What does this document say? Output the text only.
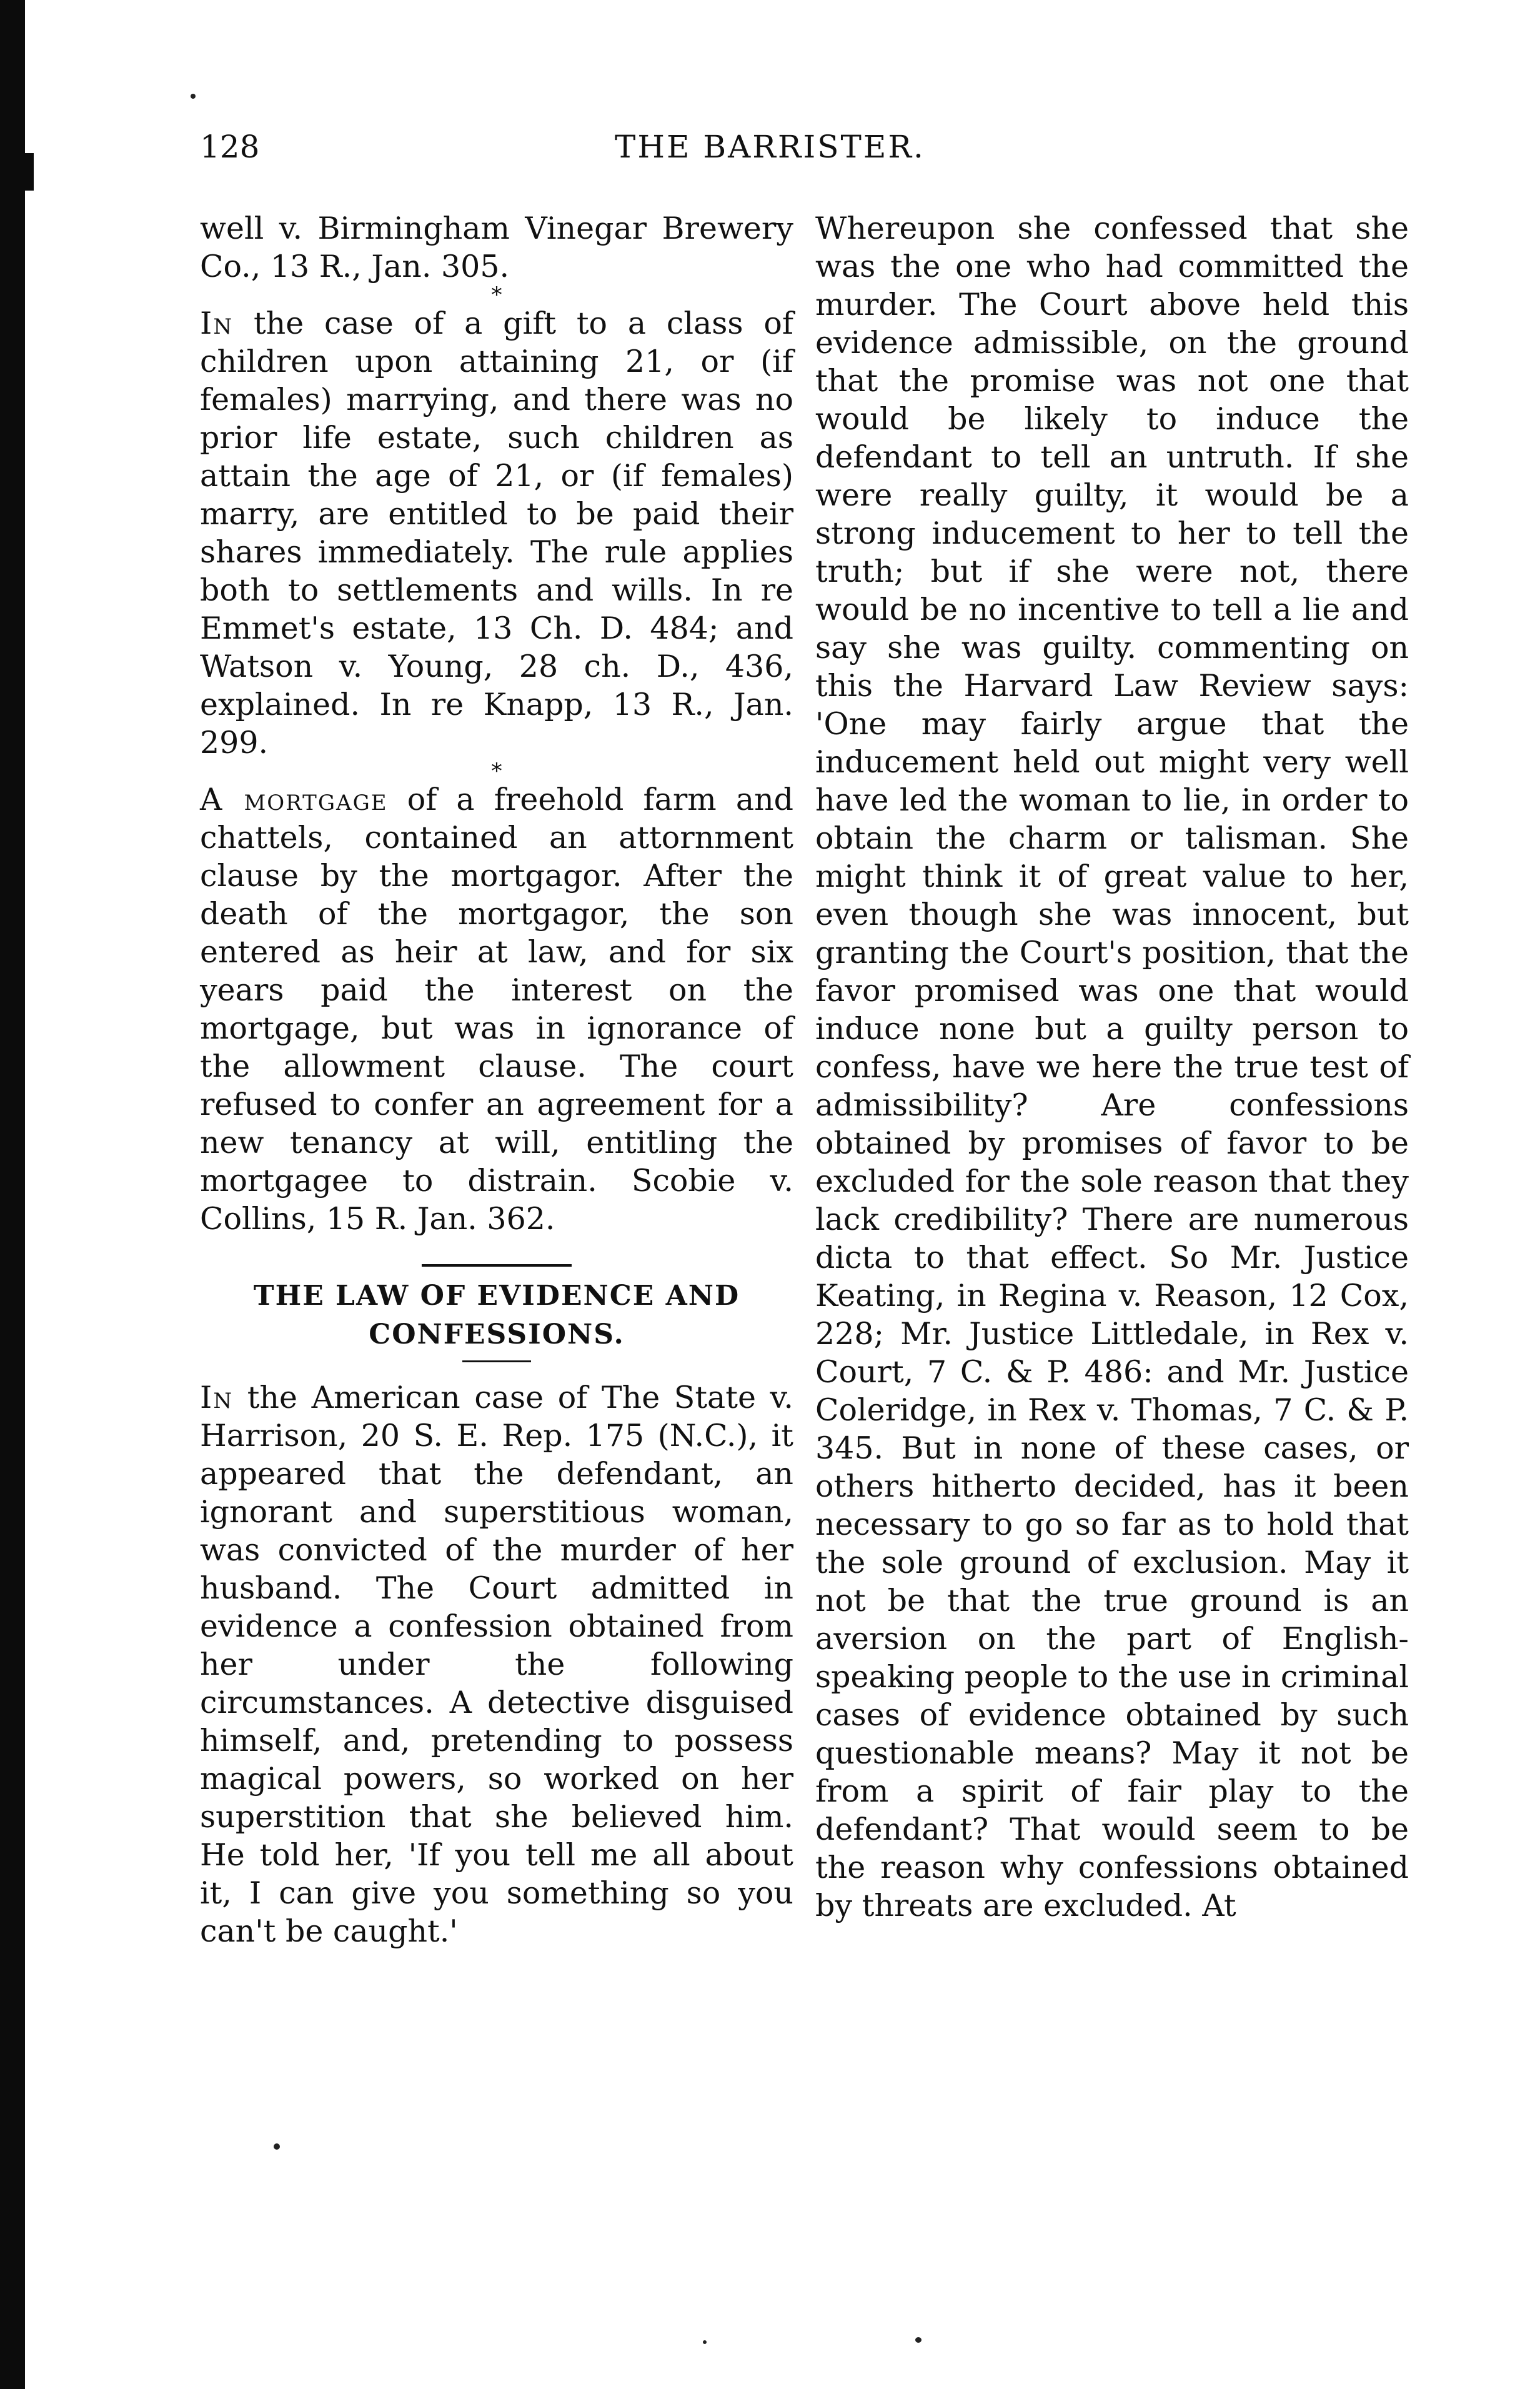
128	THE BARRISTER.

well v. Birmingham Vinegar Brewery Co., 13 R., Jan. 305.

*

In the case of a gift to a class of children upon attaining 21, or (if females) marrying, and there was no prior life estate, such children as attain the age of 21, or (if females) marry, are entitled to be paid their shares immediately. The rule applies both to settlements and wills. In re Emmet's estate, 13 Ch. D. 484; and Watson v. Young, 28 ch. D., 436, explained. In re Knapp, 13 R., Jan. 299.

*

A mortgage of a freehold farm and chattels, contained an attornment clause by the mortgagor. After the death of the mortgagor, the son entered as heir at law, and for six years paid the interest on the mortgage, but was in ignorance of the allowment clause. The court refused to confer an agreement for a new tenancy at will, entitling the mortgagee to distrain. Scobie v. Collins, 15 R. Jan. 362.

THE LAW OF EVIDENCE AND

CONFESSIONS.

In the American case of The State v. Harrison, 20 S. E. Rep. 175 (N.C.), it appeared that the defendant, an ignorant and superstitious woman, was convicted of the murder of her husband. The Court admitted in evidence a confession obtained from her under the following circumstances. A detective disguised himself, and, pretending to possess magical powers, so worked on her superstition that she believed him. He told her, 'If you tell me all about it, I can give you something so you can't be caught.'

Whereupon she confessed that she was the one who had committed the murder. The Court above held this evidence admissible, on the ground that the promise was not one that would be likely to induce the defendant to tell an untruth. If she were really guilty, it would be a strong inducement to her to tell the truth; but if she were not, there would be no incentive to tell a lie and say she was guilty. commenting on this the Harvard Law Review says: 'One may fairly argue that the inducement held out might very well have led the woman to lie, in order to obtain the charm or talisman. She might think it of great value to her, even though she was innocent, but granting the Court's position, that the favor promised was one that would induce none but a guilty person to confess, have we here the true test of admissibility? Are confessions obtained by promises of favor to be excluded for the sole reason that they lack credibility? There are numerous dicta to that effect. So Mr. Justice Keating, in Regina v. Reason, 12 Cox, 228; Mr. Justice Littledale, in Rex v. Court, 7 C. & P. 486: and Mr. Justice Coleridge, in Rex v. Thomas, 7 C. & P. 345. But in none of these cases, or others hitherto decided, has it been necessary to go so far as to hold that the sole ground of exclusion. May it not be that the true ground is an aversion on the part of English-speaking people to the use in criminal cases of evidence obtained by such questionable means? May it not be from a spirit of fair play to the defendant? That would seem to be the reason why confessions obtained by threats are excluded. At
